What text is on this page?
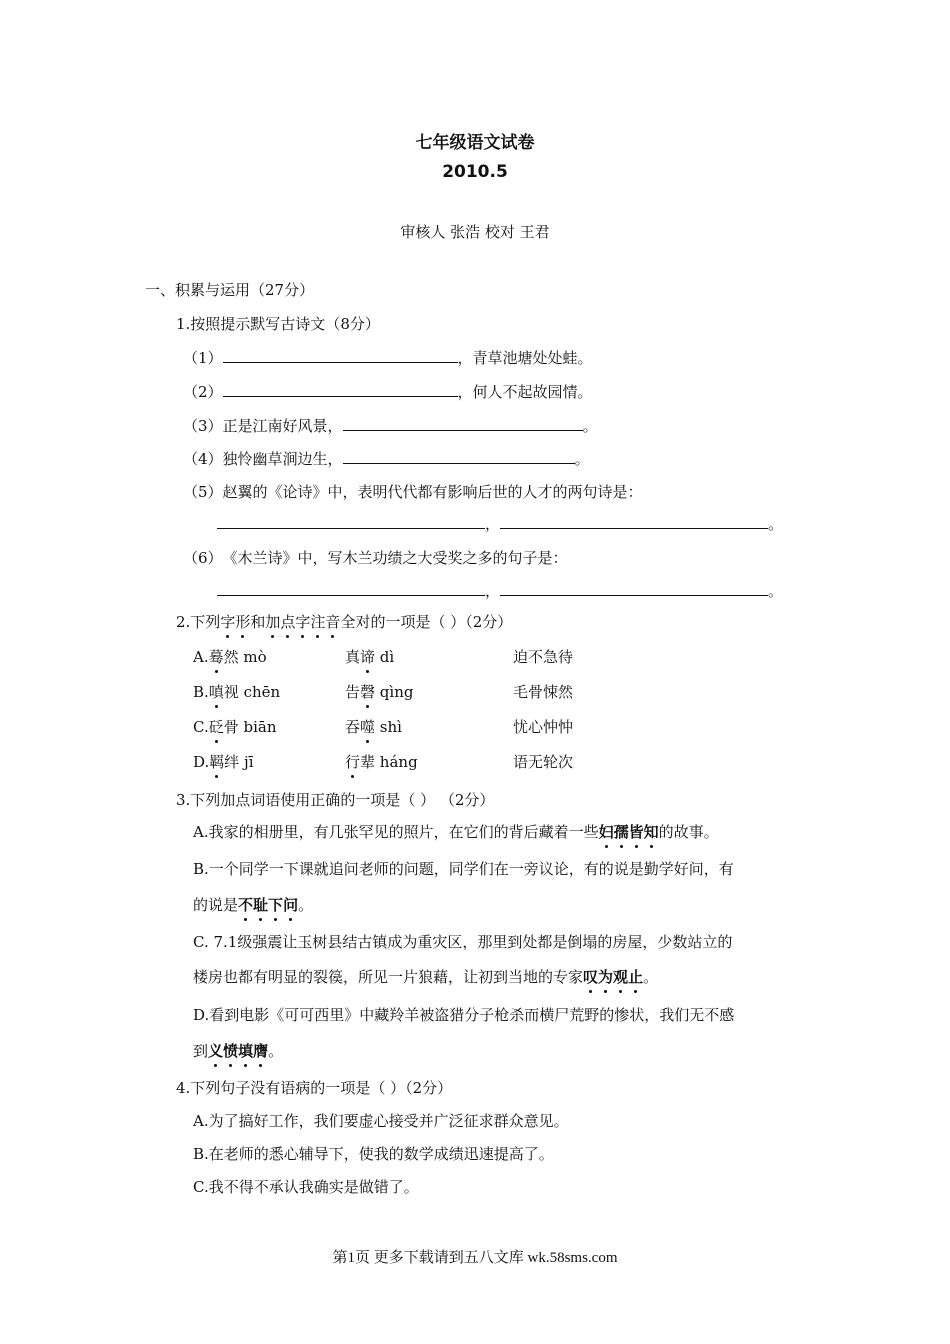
七年级语文试卷
2010.5
审核人 张浩 校对 王君
一、积累与运用（27分）
1.按照提示默写古诗文（8分）
（1）	，青草池塘处处蛙。
（2）	，何人不起故园情。
（3） 正是江南好风景，	。
（4） 独怜幽草涧边生，	。
（5） 赵翼的《论诗》中，表明代代都有影响后世的人才的两句诗是：
，	。
（6） 《木兰诗》中，写木兰功绩之大受奖之多的句子是：
，	。
2.下列字形和加点字注音全对的一项是（ ）（2分）
A.蓦然 mò	真谛 dì	迫不急待
B.嗔视 chēn	告磬 qìng	毛骨悚然
C.砭骨 biān	吞噬 shì	忧心忡忡
D.羁绊 jī	行辈 háng	语无轮次
3.下列加点词语使用正确的一项是（ ） （2分）
A.我家的相册里，有几张罕见的照片，在它们的背后藏着一些妇孺皆知的故事。
B.一个同学一下课就追问老师的问题，同学们在一旁议论，有的说是勤学好问，有
的说是不耻下问。
C. 7.1级强震让玉树县结古镇成为重灾区，那里到处都是倒塌的房屋，少数站立的
楼房也都有明显的裂篌，所见一片狼藉，让初到当地的专家叹为观止。
D.看到电影《可可西里》中藏羚羊被盗猎分子枪杀而横尸荒野的惨状，我们无不感
到义愤填膺。
4.下列句子没有语病的一项是（ ）（2分）
A.为了搞好工作，我们要虚心接受并广泛征求群众意见。
B.在老师的悉心辅导下，使我的数学成绩迅速提高了。
C.我不得不承认我确实是做错了。
第1页 更多下载请到五八文库 wk.58sms.com
